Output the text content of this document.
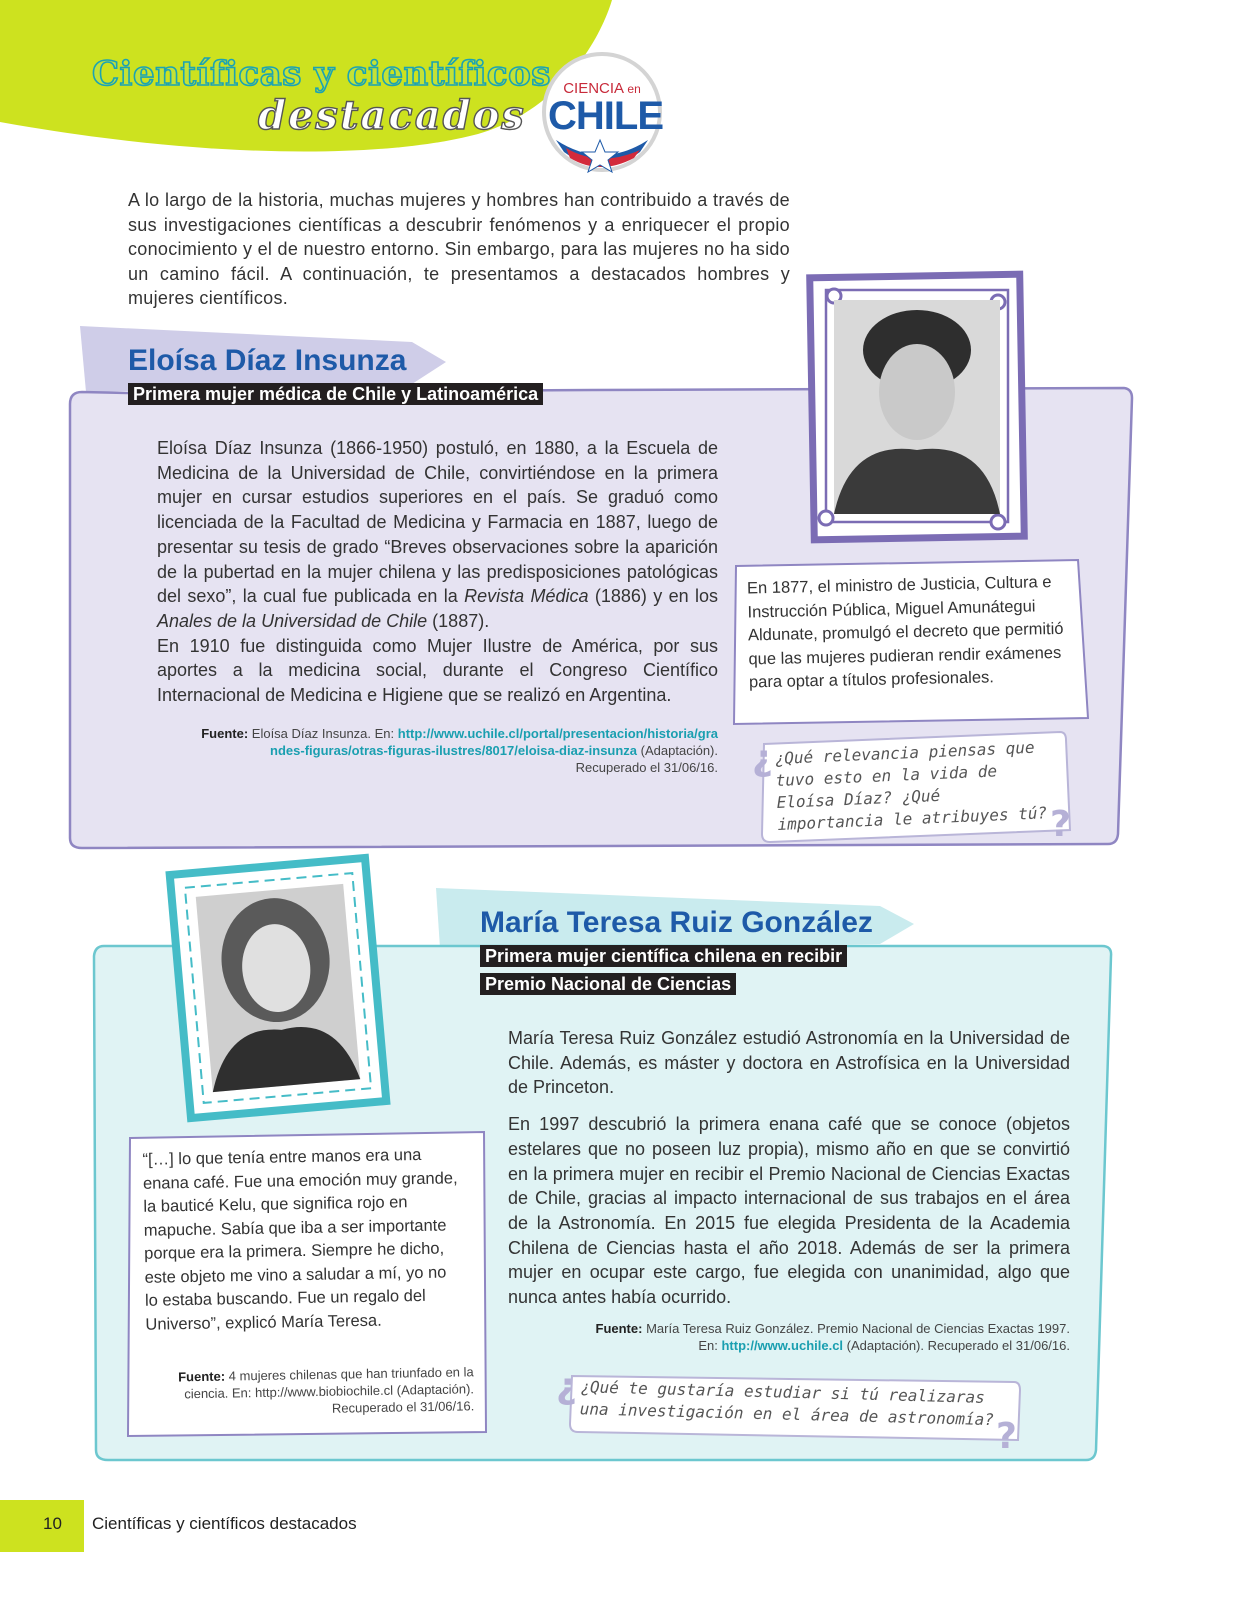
¿
?
¿
?
Científicas y científicos
destacados
CIENCIA en
CHILE

A lo largo de la historia, muchas mujeres y hombres han contribuido a través de sus investigaciones científicas a descubrir fenómenos y a enriquecer el propio conocimiento y el de nuestro entorno. Sin embargo, para las mujeres no ha sido un camino fácil. A continuación, te presentamos a destacados hombres y mujeres científicos.

Eloísa Díaz Insunza
Primera mujer médica de Chile y Latinoamérica

Eloísa Díaz Insunza (1866-1950) postuló, en 1880, a la Escuela de Medicina de la Universidad de Chile, convirtiéndose en la primera mujer en cursar estudios superiores en el país. Se graduó como licenciada de la Facultad de Medicina y Farmacia en 1887, luego de presentar su tesis de grado “Breves observaciones sobre la aparición de la pubertad en la mujer chilena y las predisposiciones patológicas del sexo”, la cual fue publicada en la Revista Médica (1886) y en los Anales de la Universidad de Chile (1887).

En 1910 fue distinguida como Mujer Ilustre de América, por sus aportes a la medicina social, durante el Congreso Científico Internacional de Medicina e Higiene que se realizó en Argentina.

Fuente: Eloísa Díaz Insunza. En: http://www.uchile.cl/portal/presentacion/historia/grandes-figuras/otras-figuras-ilustres/8017/eloisa-diaz-insunza (Adaptación). Recuperado el 31/06/16.
En 1877, el ministro de Justicia, Cultura e Instrucción Pública, Miguel Amunátegui Aldunate, promulgó el decreto que permitió que las mujeres pudieran rendir exámenes para optar a títulos profesionales.
¿Qué relevancia piensas que tuvo esto en la vida de Eloísa Díaz? ¿Qué importancia le atribuyes tú?
María Teresa Ruiz González
Primera mujer científica chilena en recibir
Premio Nacional de Ciencias

María Teresa Ruiz González estudió Astronomía en la Universidad de Chile. Además, es máster y doctora en Astrofísica en la Universidad de Princeton.

En 1997 descubrió la primera enana café que se conoce (objetos estelares que no poseen luz propia), mismo año en que se convirtió en la primera mujer en recibir el Premio Nacional de Ciencias Exactas de Chile, gracias al impacto internacional de sus trabajos en el área de la Astronomía. En 2015 fue elegida Presidenta de la Academia Chilena de Ciencias hasta el año 2018. Además de ser la primera mujer en ocupar este cargo, fue elegida con unanimidad, algo que nunca antes había ocurrido.

Fuente: María Teresa Ruiz González. Premio Nacional de Ciencias Exactas 1997.
En: http://www.uchile.cl (Adaptación). Recuperado el 31/06/16.
“[…] lo que tenía entre manos era una enana café. Fue una emoción muy grande, la bauticé Kelu, que significa rojo en mapuche. Sabía que iba a ser importante porque era la primera. Siempre he dicho, este objeto me vino a saludar a mí, yo no lo estaba buscando. Fue un regalo del Universo”, explicó María Teresa.
Fuente: 4 mujeres chilenas que han triunfado en la ciencia. En: http://www.biobiochile.cl (Adaptación). Recuperado el 31/06/16.
¿Qué te gustaría estudiar si tú realizaras una investigación en el área de astronomía?
10 Científicas y científicos destacados
